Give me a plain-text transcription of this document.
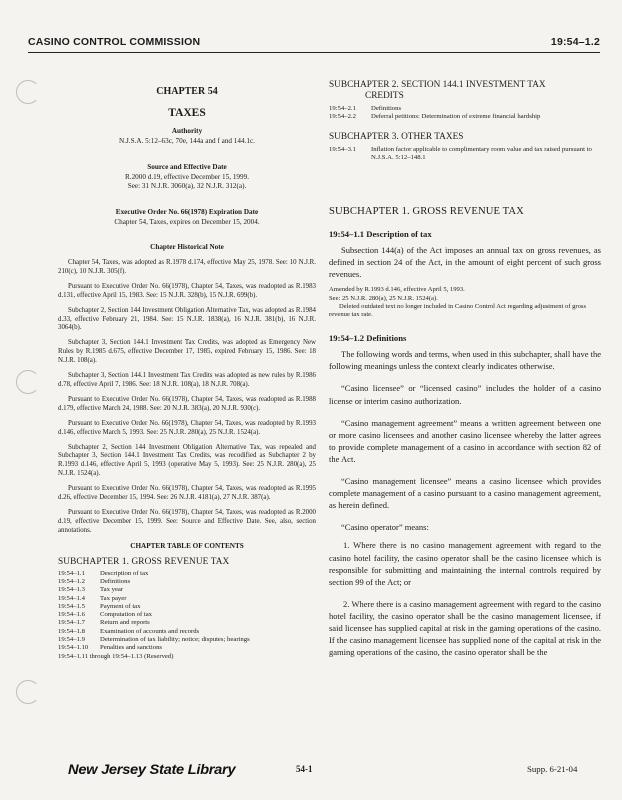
CASINO CONTROL COMMISSION	19:54–1.2
CHAPTER 54
TAXES
Authority
N.J.S.A. 5:12–63c, 70e, 144a and f and 144.1c.
Source and Effective Date
R.2000 d.19, effective December 15, 1999.
See: 31 N.J.R. 3060(a), 32 N.J.R. 312(a).
Executive Order No. 66(1978) Expiration Date
Chapter 54, Taxes, expires on December 15, 2004.
Chapter Historical Note

Chapter 54, Taxes, was adopted as R.1978 d.174, effective May 25, 1978. See: 10 N.J.R. 210(c), 10 N.J.R. 305(f).

Pursuant to Executive Order No. 66(1978), Chapter 54, Taxes, was readopted as R.1983 d.131, effective April 15, 1983. See: 15 N.J.R. 328(b), 15 N.J.R. 699(b).

Subchapter 2, Section 144 Investment Obligation Alternative Tax, was adopted as R.1984 d.33, effective February 21, 1984. See: 15 N.J.R. 1838(a), 16 N.J.R. 381(b), 16 N.J.R. 3064(b).

Subchapter 3, Section 144.1 Investment Tax Credits, was adopted as Emergency New Rules by R.1985 d.675, effective December 17, 1985, expired February 15, 1986. See: 18 N.J.R. 108(a).

Subchapter 3, Section 144.1 Investment Tax Credits was adopted as new rules by R.1986 d.78, effective April 7, 1986. See: 18 N.J.R. 108(a), 18 N.J.R. 708(a).

Pursuant to Executive Order No. 66(1978), Chapter 54, Taxes, was readopted as R.1988 d.179, effective March 24, 1988. See: 20 N.J.R. 383(a), 20 N.J.R. 930(c).

Pursuant to Executive Order No. 66(1978), Chapter 54, Taxes, was readopted by R.1993 d.146, effective March 5, 1993. See: 25 N.J.R. 280(a), 25 N.J.R. 1524(a).

Subchapter 2, Section 144 Investment Obligation Alternative Tax, was repealed and Subchapter 3, Section 144.1 Investment Tax Credits, was recodified as Subchapter 2 by R.1993 d.146, effective April 5, 1993 (operative May 5, 1993). See: 25 N.J.R. 280(a), 25 N.J.R. 1524(a).

Pursuant to Executive Order No. 66(1978), Chapter 54, Taxes, was readopted as R.1995 d.26, effective December 15, 1994. See: 26 N.J.R. 4181(a), 27 N.J.R. 387(a).

Pursuant to Executive Order No. 66(1978), Chapter 54, Taxes, was readopted as R.2000 d.19, effective December 15, 1999. See: Source and Effective Date. See, also, section annotations.

CHAPTER TABLE OF CONTENTS
SUBCHAPTER 1. GROSS REVENUE TAX
19:54–1.1	Description of tax
19:54–1.2	Definitions
19:54–1.3	Tax year
19:54–1.4	Tax payer
19:54–1.5	Payment of tax
19:54–1.6	Computation of tax
19:54–1.7	Return and reports
19:54–1.8	Examination of accounts and records
19:54–1.9	Determination of tax liability; notice; disputes; hearings
19:54–1.10	Penalties and sanctions
19:54–1.11 through 19:54–1.13 (Reserved)
SUBCHAPTER 2. SECTION 144.1 INVESTMENT TAX
CREDITS
19:54–2.1	Definitions
19:54–2.2	Deferral petitions: Determination of extreme financial hardship
SUBCHAPTER 3. OTHER TAXES
19:54–3.1	Inflation factor applicable to complimentary room value and tax raised pursuant to N.J.S.A. 5:12–148.1
SUBCHAPTER 1. GROSS REVENUE TAX
19:54–1.1 Description of tax

Subsection 144(a) of the Act imposes an annual tax on gross revenues, as defined in section 24 of the Act, in the amount of eight percent of such gross revenues.

Amended by R.1993 d.146, effective April 5, 1993.

See: 25 N.J.R. 280(a), 25 N.J.R. 1524(a).

Deleted outdated text no longer included in Casino Control Act regarding adjustment of gross revenue tax rate.

19:54–1.2 Definitions

The following words and terms, when used in this subchapter, shall have the following meanings unless the context clearly indicates otherwise.

“Casino licensee” or “licensed casino” includes the holder of a casino license or interim casino authorization.

“Casino management agreement” means a written agreement between one or more casino licensees and another casino licensee whereby the latter agrees to provide complete management of a casino in accordance with section 82 of the Act.

“Casino management licensee” means a casino licensee which provides complete management of a casino pursuant to a casino management agreement, as herein defined.

“Casino operator” means:

1. Where there is no casino management agreement with regard to the casino hotel facility, the casino operator shall be the casino licensee which is responsible for submitting and maintaining the internal controls required by section 99 of the Act; or

2. Where there is a casino management agreement with regard to the casino hotel facility, the casino operator shall be the casino management licensee, if said licensee has supplied capital at risk in the gaming operations of the casino. If the casino management licensee has supplied none of the capital at risk in the gaming operations of the casino, the casino operator shall be the

New Jersey State Library	54-1	Supp. 6-21-04
